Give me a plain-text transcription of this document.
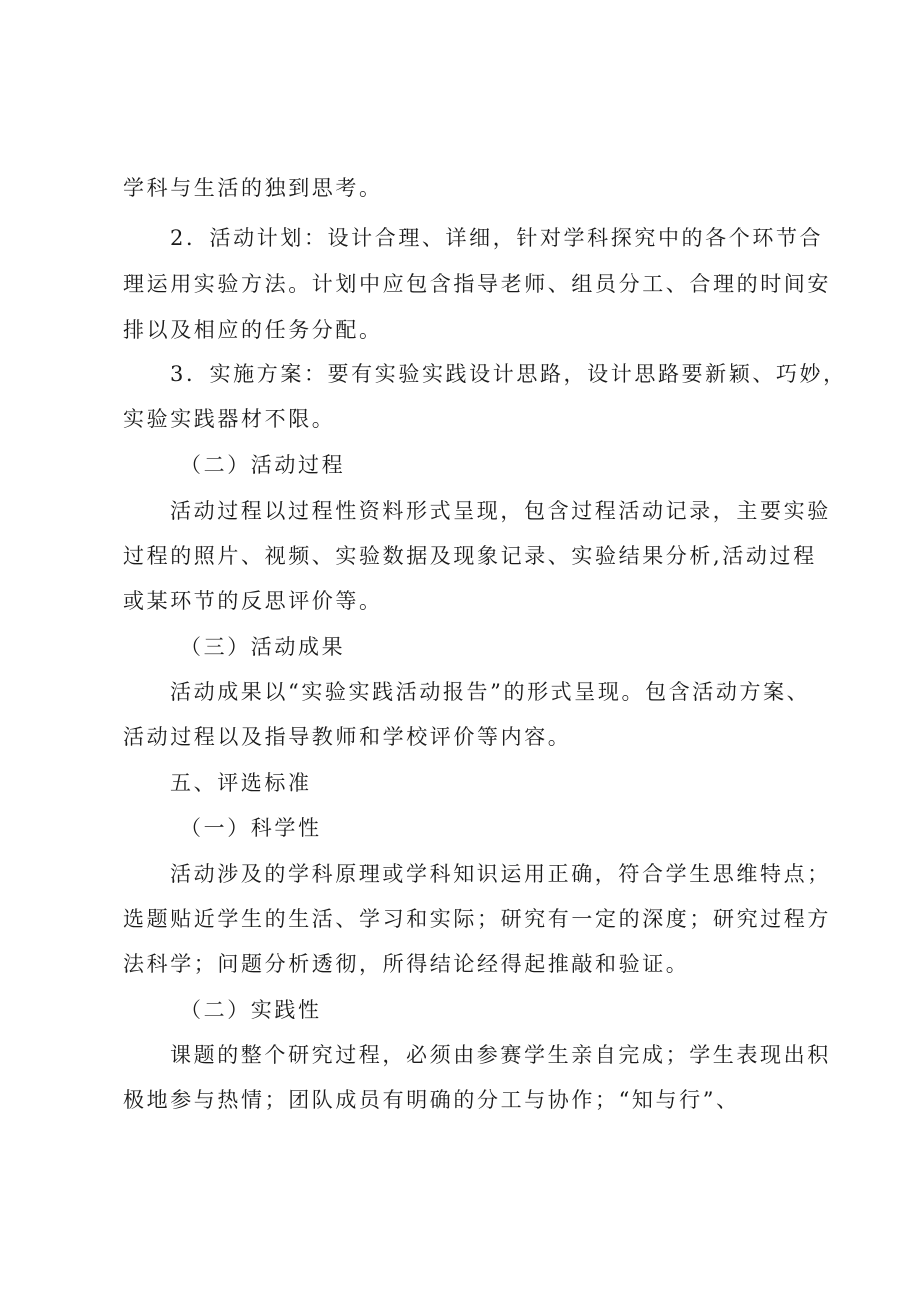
学科与生活的独到思考。
2．活动计划：设计合理、详细，针对学科探究中的各个环节合
理运用实验方法。计划中应包含指导老师、组员分工、合理的时间安
排以及相应的任务分配。
3．实施方案：要有实验实践设计思路，设计思路要新颖、巧妙，
实验实践器材不限。
（二）活动过程
活动过程以过程性资料形式呈现，包含过程活动记录，主要实验
过程的照片、视频、实验数据及现象记录、实验结果分析,活动过程
或某环节的反思评价等。
（三）活动成果
活动成果以“实验实践活动报告”的形式呈现。包含活动方案、
活动过程以及指导教师和学校评价等内容。
五、评选标准
（一）科学性
活动涉及的学科原理或学科知识运用正确，符合学生思维特点；
选题贴近学生的生活、学习和实际；研究有一定的深度；研究过程方
法科学；问题分析透彻，所得结论经得起推敲和验证。
（二）实践性
课题的整个研究过程，必须由参赛学生亲自完成；学生表现出积
极地参与热情；团队成员有明确的分工与协作；“知与行”、
